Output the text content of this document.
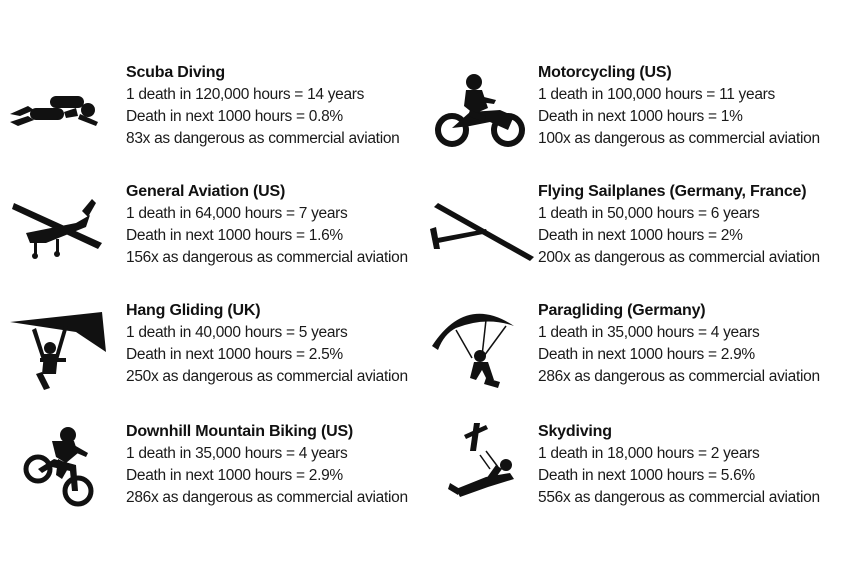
Scuba Diving
1 death in 120,000 hours = 14 years
Death in next 1000 hours = 0.8%
83x as dangerous as commercial aviation
Motorcycling (US)
1 death in 100,000 hours = 11 years
Death in next 1000 hours = 1%
100x as dangerous as commercial aviation
General Aviation (US)
1 death in 64,000 hours = 7 years
Death in next 1000 hours = 1.6%
156x as dangerous as commercial aviation
Flying Sailplanes (Germany, France)
1 death in 50,000 hours = 6 years
Death in next 1000 hours = 2%
200x as dangerous as commercial aviation
Hang Gliding (UK)
1 death in 40,000 hours = 5 years
Death in next 1000 hours = 2.5%
250x as dangerous as commercial aviation
Paragliding (Germany)
1 death in 35,000 hours = 4 years
Death in next 1000 hours = 2.9%
286x as dangerous as commercial aviation
Downhill Mountain Biking (US)
1 death in 35,000 hours = 4 years
Death in next 1000 hours = 2.9%
286x as dangerous as commercial aviation
Skydiving
1 death in 18,000 hours = 2 years
Death in next 1000 hours = 5.6%
556x as dangerous as commercial aviation
